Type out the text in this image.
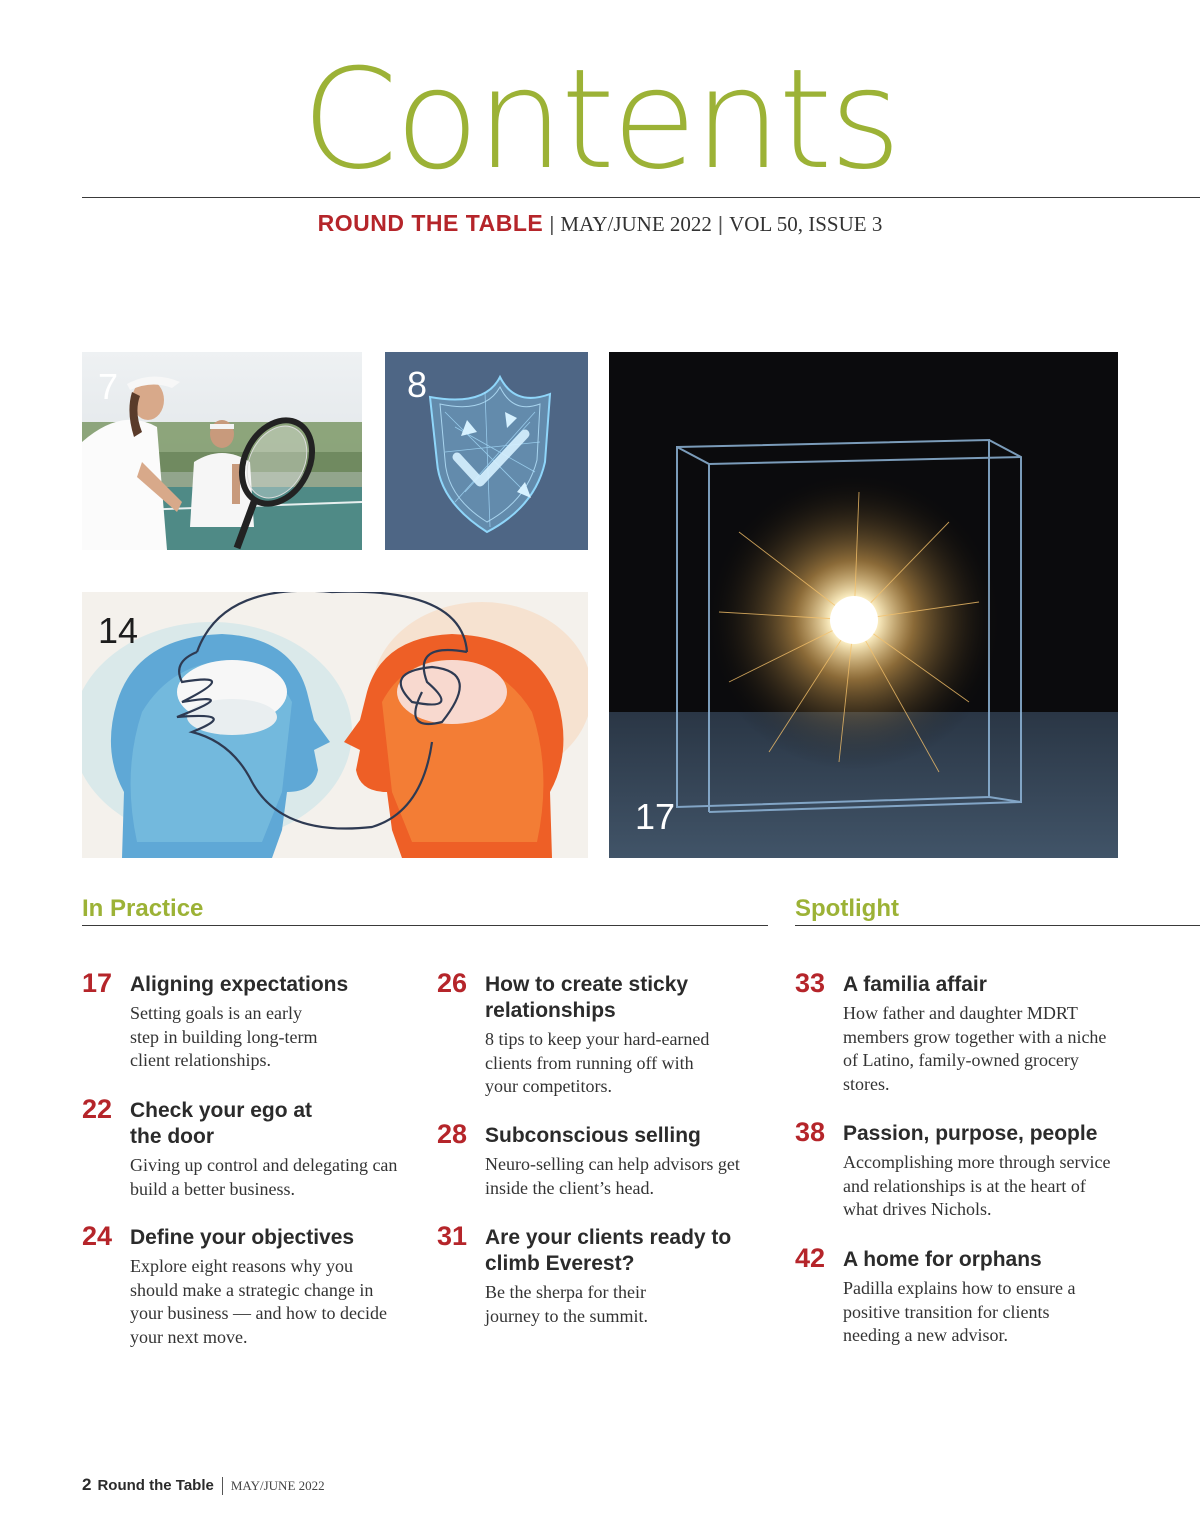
Contents
ROUND THE TABLE | MAY/JUNE 2022 | VOL 50, ISSUE 3
7	8
14
17
In Practice	Spotlight
17 Aligning expectations
Setting goals is an early step in building long-term client relationships.
22 Check your ego at the door
Giving up control and delegating can build a better business.
24 Define your objectives
Explore eight reasons why you should make a strategic change in your business — and how to decide your next move.
26 How to create sticky relationships
8 tips to keep your hard-earned clients from running off with your competitors.
28 Subconscious selling
Neuro-selling can help advisors get inside the client’s head.
31 Are your clients ready to climb Everest?
Be the sherpa for their journey to the summit.
33 A familia affair
How father and daughter MDRT members grow together with a niche of Latino, family-owned grocery stores.
38 Passion, purpose, people
Accomplishing more through service and relationships is at the heart of what drives Nichols.
42 A home for orphans
Padilla explains how to ensure a positive transition for clients needing a new advisor.
2 Round the Table MAY/JUNE 2022
